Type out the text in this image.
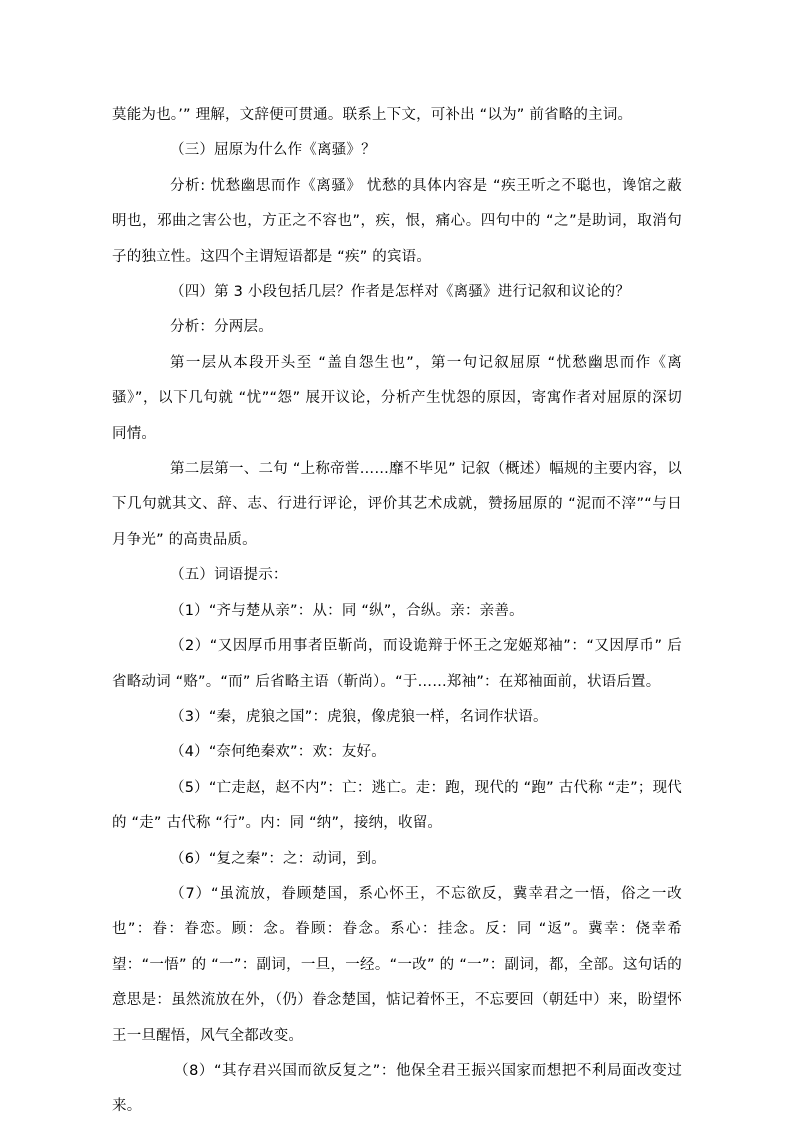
莫能为也。’” 理解，文辞便可贯通。联系上下文，可补出 “以为” 前省略的主词。

（三）屈原为什么作《离骚》？

分析: 忧愁幽思而作《离骚》 忧愁的具体内容是 “疾王听之不聪也，谗馆之蔽明也，邪曲之害公也，方正之不容也”，疾，恨，痛心。四句中的 “之”是助词，取消句子的独立性。这四个主谓短语都是 “疾” 的宾语。

（四）第 3 小段包括几层？作者是怎样对《离骚》进行记叙和议论的？

分析：分两层。

第一层从本段开头至 “盖自怨生也”，第一句记叙屈原 “忧愁幽思而作《离骚》”，以下几句就 “忧”“怨” 展开议论，分析产生忧怨的原因，寄寓作者对屈原的深切同情。

第二层第一、二句 “上称帝喾……靡不毕见” 记叙（概述）幅规的主要内容，以下几句就其文、辞、志、行进行评论，评价其艺术成就，赞扬屈原的 “泥而不滓”“与日月争光” 的高贵品质。

（五）词语提示：

（1）“齐与楚从亲”：从：同 “纵”，合纵。亲：亲善。

（2）“又因厚币用事者臣靳尚，而设诡辩于怀王之宠姬郑袖”：“又因厚币” 后省略动词 “赂”。“而” 后省略主语（靳尚）。“于……郑袖”：在郑袖面前，状语后置。

（3）“秦，虎狼之国”：虎狼，像虎狼一样，名词作状语。

（4）“奈何绝秦欢”：欢：友好。

（5）“亡走赵，赵不内”：亡：逃亡。走：跑，现代的 “跑” 古代称 “走”；现代的 “走” 古代称 “行”。内：同 “纳”，接纳，收留。

（6）“复之秦”：之：动词，到。

（7）“虽流放，眷顾楚国，系心怀王，不忘欲反，冀幸君之一悟，俗之一改也”：眷：眷恋。顾：念。眷顾：眷念。系心：挂念。反：同 “返”。冀幸：侥幸希望：“一悟” 的 “一”：副词，一旦，一经。“一改” 的 “一”：副词，都，全部。这句话的意思是：虽然流放在外，（仍）眷念楚国，惦记着怀王，不忘要回（朝廷中）来，盼望怀王一旦醒悟，风气全都改变。

（8）“其存君兴国而欲反复之”：他保全君王振兴国家而想把不利局面改变过来。
